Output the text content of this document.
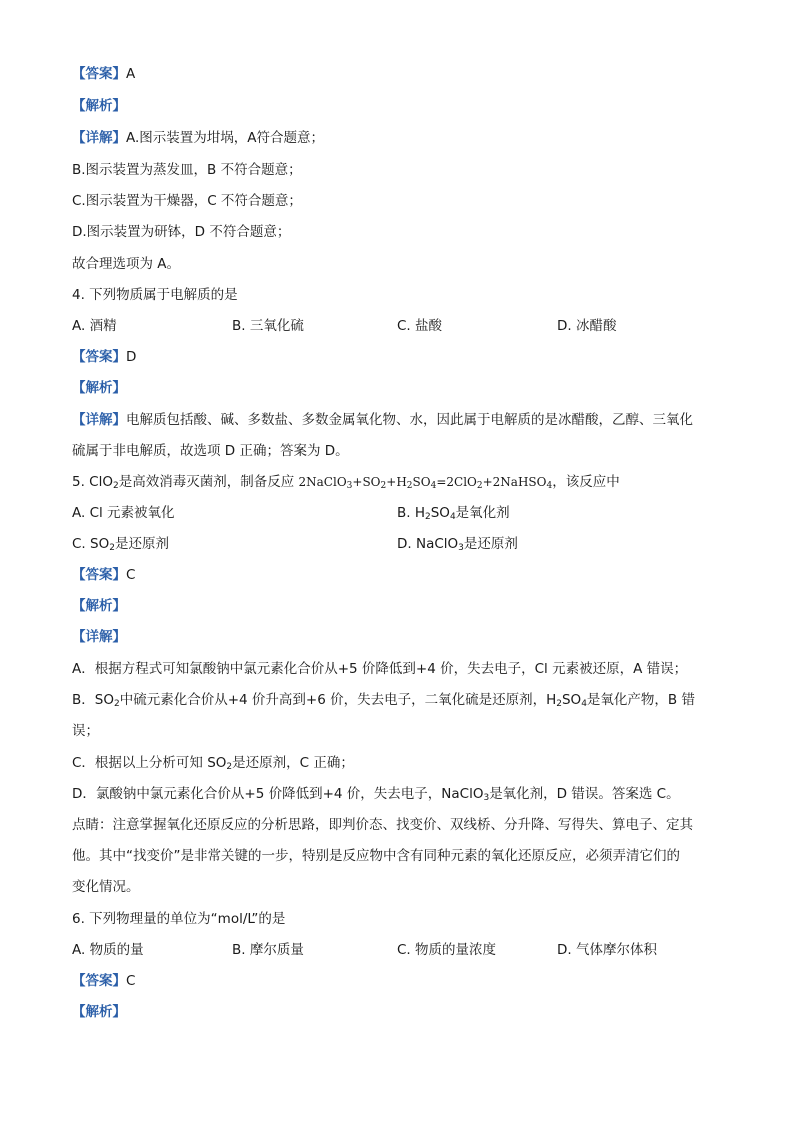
【答案】A
【解析】
【详解】A.图示装置为坩埚，A符合题意；
B.图示装置为蒸发皿，B 不符合题意；
C.图示装置为干燥器，C 不符合题意；
D.图示装置为研钵，D 不符合题意；
故合理选项为 A。
4. 下列物质属于电解质的是
A. 酒精	B. 三氧化硫	C. 盐酸	D. 冰醋酸
【答案】D
【解析】
【详解】电解质包括酸、碱、多数盐、多数金属氧化物、水，因此属于电解质的是冰醋酸，乙醇、三氧化
硫属于非电解质，故选项 D 正确；答案为 D。
5. ClO$_2$是高效消毒灭菌剂，制备反应 $2NaClO_3+SO_2+H_2SO_4=2ClO_2+2NaHSO_4$，该反应中
A. Cl 元素被氧化	B. $H_2SO_4$是氧化剂
C. $SO_2$是还原剂	D. NaClO$_3$是还原剂
【答案】C
【解析】
【详解】
A．根据方程式可知氯酸钠中氯元素化合价从+5 价降低到+4 价，失去电子，Cl 元素被还原，A 错误；
B．$SO_2$中硫元素化合价从+4 价升高到+6 价，失去电子，二氧化硫是还原剂，$H_2SO_4$是氧化产物，B 错
误；
C．根据以上分析可知 $SO_2$是还原剂，C 正确；
D．氯酸钠中氯元素化合价从+5 价降低到+4 价，失去电子，NaClO$_3$是氧化剂，D 错误。答案选 C。
点睛：注意掌握氧化还原反应的分析思路，即判价态、找变价、双线桥、分升降、写得失、算电子、定其
他。其中“找变价”是非常关键的一步，特别是反应物中含有同种元素的氧化还原反应，必须弄清它们的
变化情况。
6. 下列物理量的单位为“mol/L”的是
A. 物质的量	B. 摩尔质量	C. 物质的量浓度	D. 气体摩尔体积
【答案】C
【解析】
